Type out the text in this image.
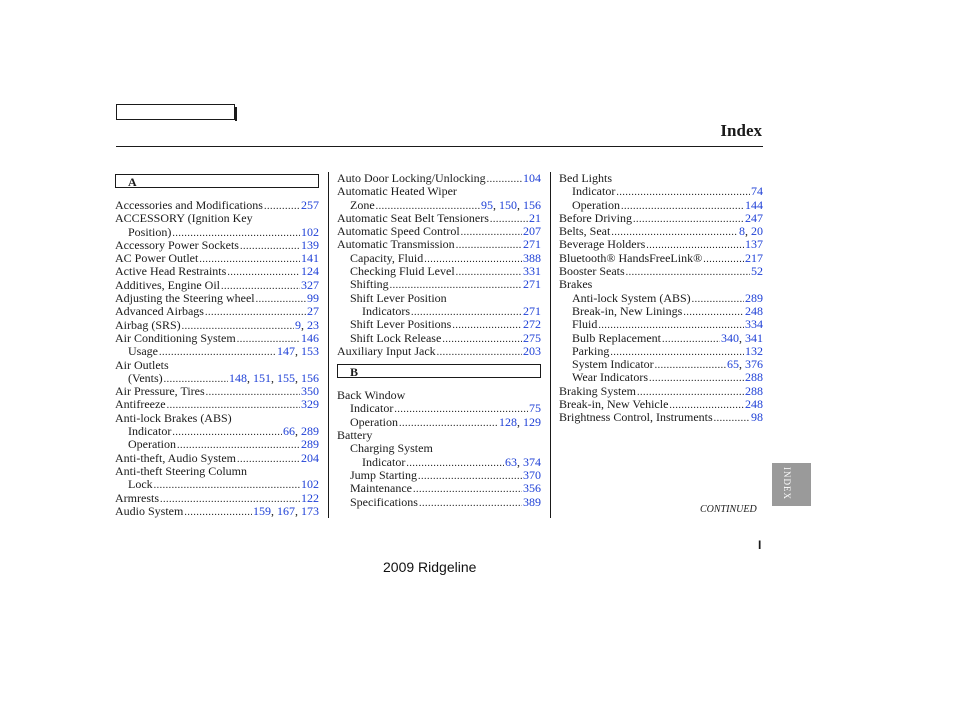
Index
A
Accessories and Modifications .....	257
ACCESSORY (Ignition Key
Position) .....	102
Accessory Power Sockets .....	139
AC Power Outlet .....	141
Active Head Restraints .....	124
Additives, Engine Oil .....	327
Adjusting the Steering wheel .....	99
Advanced Airbags .....	27
Airbag (SRS) .....	9, 23
Air Conditioning System .....	146
Usage .....	147, 153
Air Outlets
(Vents) .....	148, 151, 155, 156
Air Pressure, Tires .....	350
Antifreeze .....	329
Anti-lock Brakes (ABS)
Indicator .....	66, 289
Operation .....	289
Anti-theft, Audio System .....	204
Anti-theft Steering Column
Lock .....	102
Armrests .....	122
Audio System .....	159, 167, 173
Auto Door Locking/Unlocking .....	104
Automatic Heated Wiper
Zone .....	95, 150, 156
Automatic Seat Belt Tensioners .....	21
Automatic Speed Control .....	207
Automatic Transmission .....	271
Capacity, Fluid .....	388
Checking Fluid Level .....	331
Shifting .....	271
Shift Lever Position
Indicators .....	271
Shift Lever Positions .....	272
Shift Lock Release .....	275
Auxiliary Input Jack .....	203
B
Back Window
Indicator .....	75
Operation .....	128, 129
Battery
Charging System
Indicator .....	63, 374
Jump Starting .....	370
Maintenance .....	356
Specifications .....	389
Bed Lights
Indicator .....	74
Operation .....	144
Before Driving .....	247
Belts, Seat .....	8, 20
Beverage Holders .....	137
Bluetooth® HandsFreeLink® .....	217
Booster Seats .....	52
Brakes
Anti-lock System (ABS) .....	289
Break-in, New Linings .....	248
Fluid .....	334
Bulb Replacement .....	340, 341
Parking .....	132
System Indicator .....	65, 376
Wear Indicators .....	288
Braking System .....	288
Break-in, New Vehicle .....	248
Brightness Control, Instruments .....	98
INDEX
CONTINUED
I
2009 Ridgeline
